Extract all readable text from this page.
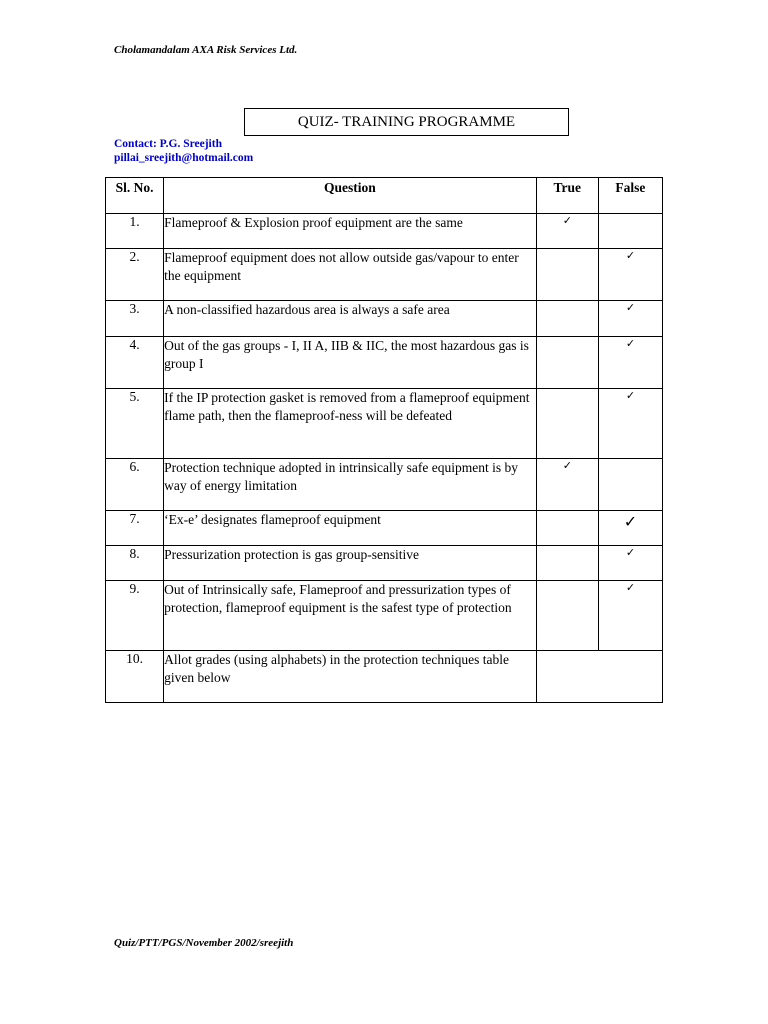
Cholamandalam AXA Risk Services Ltd.
QUIZ- TRAINING PROGRAMME
Contact: P.G. Sreejith
pillai_sreejith@hotmail.com
Sl. No.	Question	True	False
1.	Flameproof & Explosion proof equipment are the same	✓	
2.	Flameproof equipment does not allow outside gas/vapour to enter the equipment		✓
3.	A non-classified hazardous area is always a safe area		✓
4.	Out of the gas groups - I, II A, IIB & IIC, the most hazardous gas is group I		✓
5.	If the IP protection gasket is removed from a flameproof equipment flame path, then the flameproof-ness will be defeated		✓
6.	Protection technique adopted in intrinsically safe equipment is by way of energy limitation	✓	
7.	‘Ex-e’ designates flameproof equipment		✓
8.	Pressurization protection is gas group-sensitive		✓
9.	Out of Intrinsically safe, Flameproof and pressurization types of protection, flameproof equipment is the safest type of protection		✓
10.	Allot grades (using alphabets) in the protection techniques table given below		
Quiz/PTT/PGS/November 2002/sreejith
